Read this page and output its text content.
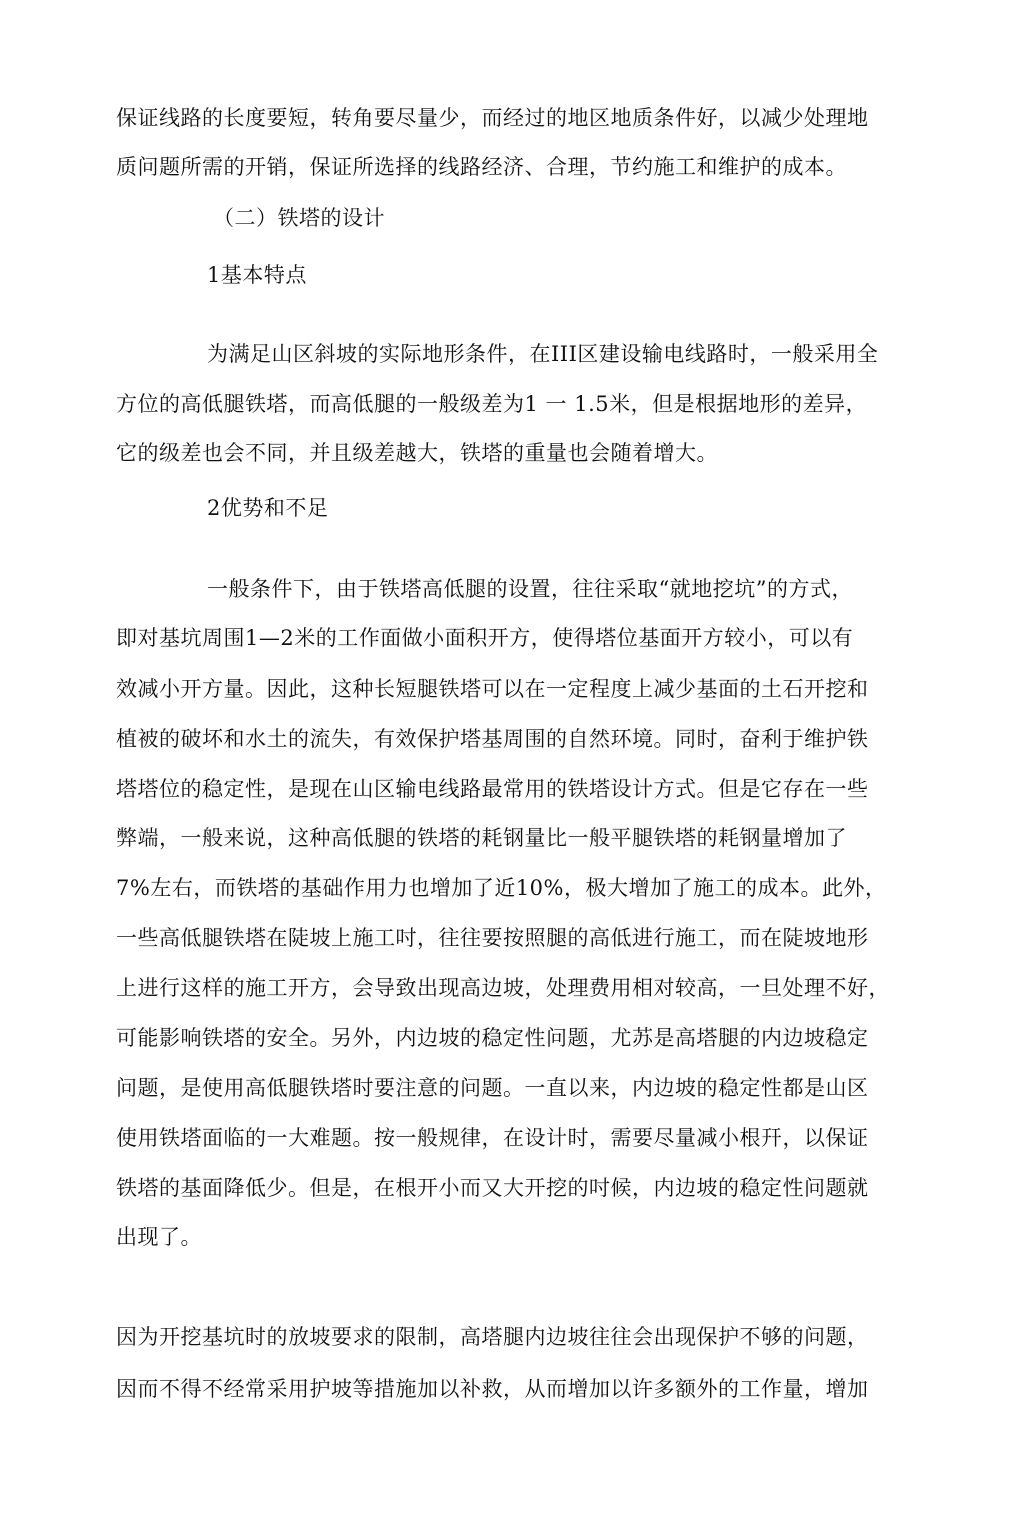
保证线路的长度要短，转角要尽量少，而经过的地区地质条件好，以减少处理地
质问题所需的开销，保证所选择的线路经济、合理，节约施工和维护的成本。
（二）铁塔的设计
1基本特点
为满足山区斜坡的实际地形条件，在III区建设输电线路时，一般采用全
方位的高低腿铁塔，而高低腿的一般级差为1 一 1.5米，但是根据地形的差异，
它的级差也会不同，并且级差越大，铁塔的重量也会随着增大。
2优势和不足
一般条件下，由于铁塔高低腿的设置，往往采取“就地挖坑”的方式，
即对基坑周围1—2米的工作面做小面积开方，使得塔位基面开方较小，可以有
效减小开方量。因此，这种长短腿铁塔可以在一定程度上减少基面的土石开挖和
植被的破坏和水土的流失，有效保护塔基周围的自然环境。同时，奋利于维护铁
塔塔位的稳定性，是现在山区输电线路最常用的铁塔设计方式。但是它存在一些
弊端，一般来说，这种高低腿的铁塔的耗钢量比一般平腿铁塔的耗钢量增加了
7%左右，而铁塔的基础作用力也增加了近10%，极大增加了施工的成本。此外，
一些高低腿铁塔在陡坡上施工吋，往往要按照腿的高低进行施工，而在陡坡地形
上进行这样的施工开方，会导致出现高边坡，处理费用相对较高，一旦处理不好，
可能影响铁塔的安全。另外，内边坡的稳定性问题，尤苏是高塔腿的内边坡稳定
问题，是使用高低腿铁塔时要注意的问题。一直以来，内边坡的稳定性都是山区
使用铁塔面临的一大难题。按一般规律，在设计时，需要尽量减小根幵，以保证
铁塔的基面降低少。但是，在根开小而又大开挖的吋候，内边坡的稳定性问题就
出现了。
因为开挖基坑时的放坡要求的限制，高塔腿内边坡往往会出现保护不够的问题，
因而不得不经常采用护坡等措施加以补救，从而增加以许多额外的工作量，增加
